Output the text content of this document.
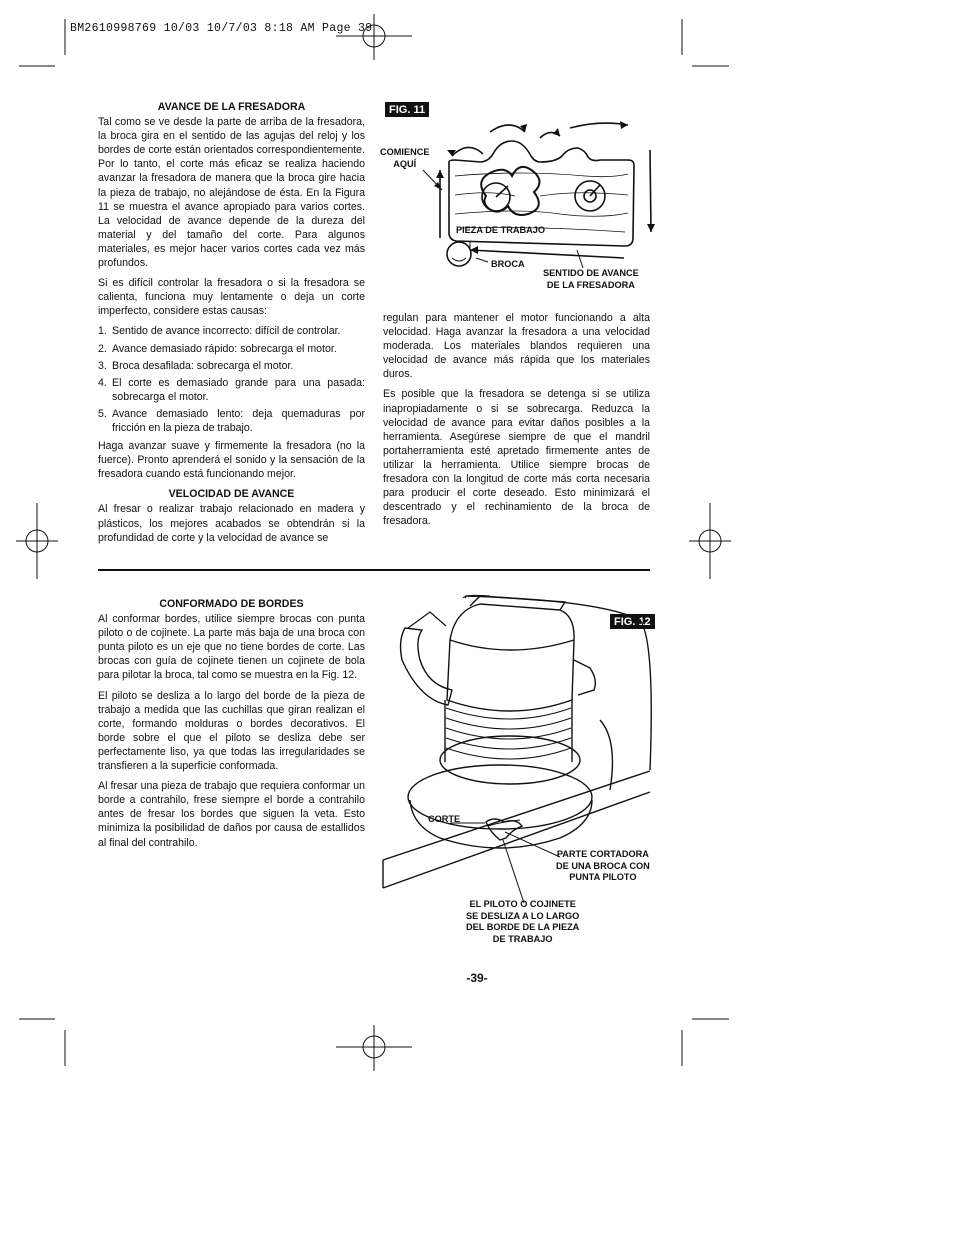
BM2610998769 10/03 10/7/03 8:18 AM Page 39
AVANCE DE LA FRESADORA

Tal como se ve desde la parte de arriba de la fresadora, la broca gira en el sentido de las agujas del reloj y los bordes de corte están orientados correspondientemente. Por lo tanto, el corte más eficaz se realiza haciendo avanzar la fresadora de manera que la broca gire hacia la pieza de trabajo, no alejándose de ésta. En la Figura 11 se muestra el avance apropiado para varios cortes. La velocidad de avance depende de la dureza del material y del tamaño del corte. Para algunos materiales, es mejor hacer varios cortes cada vez más profundos.

Si es difícil controlar la fresadora o si la fresadora se calienta, funciona muy lentamente o deja un corte imperfecto, considere estas causas:

1. Sentido de avance incorrecto: difícil de controlar.
2. Avance demasiado rápido: sobrecarga el motor.
3. Broca desafilada: sobrecarga el motor.
4. El corte es demasiado grande para una pasada: sobrecarga el motor.
5. Avance demasiado lento: deja quemaduras por fricción en la pieza de trabajo.

Haga avanzar suave y firmemente la fresadora (no la fuerce). Pronto aprenderá el sonido y la sensación de la fresadora cuando está funcionando mejor.

VELOCIDAD DE AVANCE

Al fresar o realizar trabajo relacionado en madera y plásticos, los mejores acabados se obtendrán si la profundidad de corte y la velocidad de avance se

regulan para mantener el motor funcionando a alta velocidad. Haga avanzar la fresadora a una velocidad moderada. Los materiales blandos requieren una velocidad de avance más rápida que los materiales duros.

Es posible que la fresadora se detenga si se utiliza inapropiadamente o si se sobrecarga. Reduzca la velocidad de avance para evitar daños posibles a la herramienta. Asegúrese siempre de que el mandril portaherramienta esté apretado firmemente antes de utilizar la herramienta. Utilice siempre brocas de fresadora con la longitud de corte más corta necesaria para producir el corte deseado. Esto minimizará el descentrado y el rechinamiento de la broca de fresadora.

FIG. 11
COMIENCE
AQUÍ
PIEZA DE TRABAJO
BROCA
SENTIDO DE AVANCE
DE LA FRESADORA
CONFORMADO DE BORDES

Al conformar bordes, utilice siempre brocas con punta piloto o de cojinete. La parte más baja de una broca con punta piloto es un eje que no tiene bordes de corte. Las brocas con guía de cojinete tienen un cojinete de bola para pilotar la broca, tal como se muestra en la Fig. 12.

El piloto se desliza a lo largo del borde de la pieza de trabajo a medida que las cuchillas que giran realizan el corte, formando molduras o bordes decorativos. El borde sobre el que el piloto se desliza debe ser perfectamente liso, ya que todas las irregularidades se transfieren a la superficie conformada.

Al fresar una pieza de trabajo que requiera conformar un borde a contrahilo, frese siempre el borde a contrahilo antes de fresar los bordes que siguen la veta. Esto minimiza la posibilidad de daños por causa de estallidos al final del contrahilo.

FIG. 12
CORTE
PARTE CORTADORA
DE UNA BROCA CON
PUNTA PILOTO
EL PILOTO O COJINETE
SE DESLIZA A LO LARGO
DEL BORDE DE LA PIEZA
DE TRABAJO
-39-
